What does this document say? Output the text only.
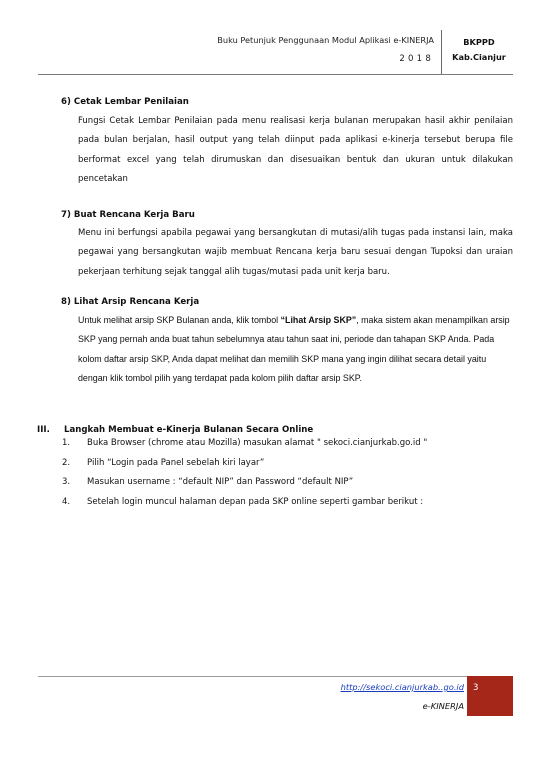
Buku Petunjuk Penggunaan Modul Aplikasi e-KINERJA
2018
BKPPD
Kab.Cianjur
6) Cetak Lembar Penilaian
Fungsi Cetak Lembar Penilaian pada menu realisasi kerja bulanan merupakan hasil akhir penilaian pada bulan berjalan, hasil output yang telah diinput pada aplikasi e-kinerja tersebut berupa file berformat excel yang telah dirumuskan dan disesuaikan bentuk dan ukuran untuk dilakukan pencetakan
7) Buat Rencana Kerja Baru
Menu ini berfungsi apabila pegawai yang bersangkutan di mutasi/alih tugas pada instansi lain, maka pegawai yang bersangkutan wajib membuat Rencana kerja baru sesuai dengan Tupoksi dan uraian pekerjaan terhitung sejak tanggal alih tugas/mutasi pada unit kerja baru.
8) Lihat Arsip Rencana Kerja
Untuk melihat arsip SKP Bulanan anda, klik tombol “Lihat Arsip SKP”, maka sistem akan menampilkan arsip SKP yang pernah anda buat tahun sebelumnya atau tahun saat ini, periode dan tahapan SKP Anda. Pada kolom daftar arsip SKP, Anda dapat melihat dan memilih SKP mana yang ingin dilihat secara detail yaitu dengan klik tombol pilih yang terdapat pada kolom pilih daftar arsip SKP.
III. Langkah Membuat e-Kinerja Bulanan Secara Online
1.	Buka Browser (chrome atau Mozilla) masukan alamat " sekoci.cianjurkab.go.id "
2.	Pilih “Login pada Panel sebelah kiri layar”
3.	Masukan username : “default NIP” dan Password “default NIP”
4.	Setelah login muncul halaman depan pada SKP online seperti gambar berikut :
http://sekoci.cianjurkab..go.id
e-KINERJA
3
